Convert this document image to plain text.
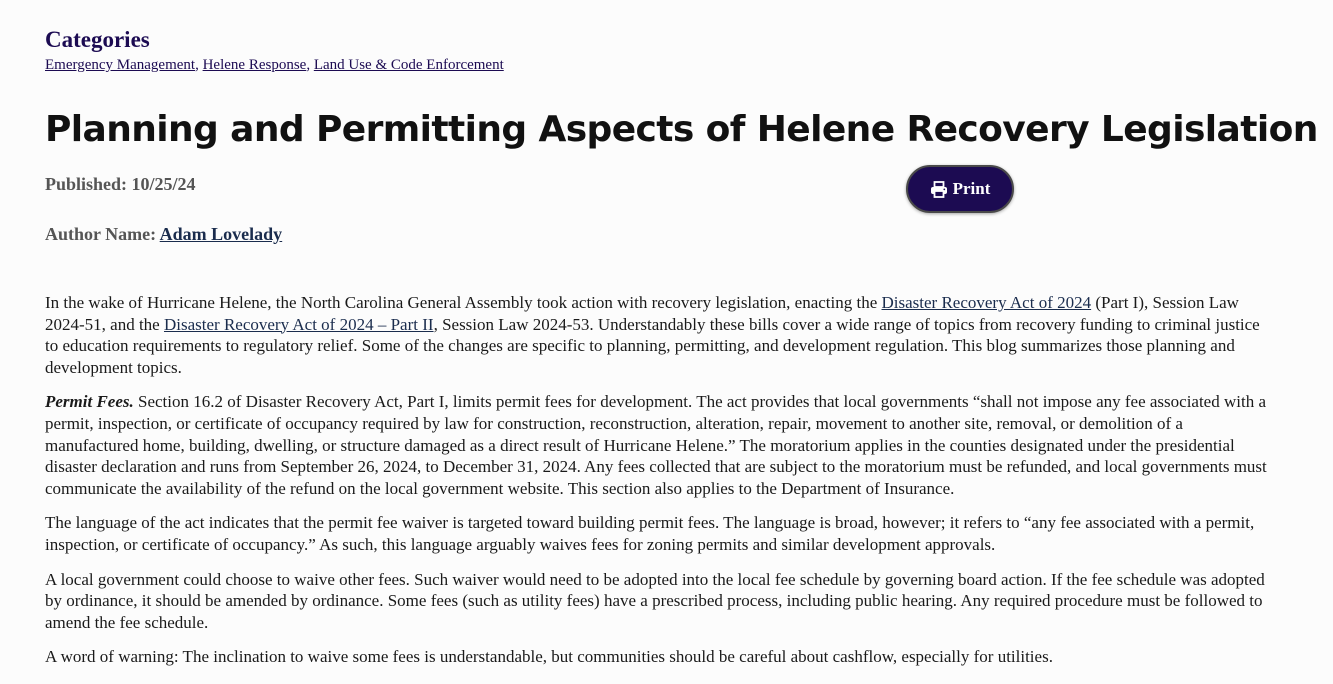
Categories
Emergency Management, Helene Response, Land Use & Code Enforcement
Planning and Permitting Aspects of Helene Recovery Legislation
Published: 10/25/24	Print
Author Name: Adam Lovelady

In the wake of Hurricane Helene, the North Carolina General Assembly took action with recovery legislation, enacting the Disaster Recovery Act of 2024 (Part I), Session Law 2024-51, and the Disaster Recovery Act of 2024 – Part II, Session Law 2024-53. Understandably these bills cover a wide range of topics from recovery funding to criminal justice to education requirements to regulatory relief. Some of the changes are specific to planning, permitting, and development regulation. This blog summarizes those planning and development topics.

Permit Fees. Section 16.2 of Disaster Recovery Act, Part I, limits permit fees for development. The act provides that local governments “shall not impose any fee associated with a permit, inspection, or certificate of occupancy required by law for construction, reconstruction, alteration, repair, movement to another site, removal, or demolition of a manufactured home, building, dwelling, or structure damaged as a direct result of Hurricane Helene.” The moratorium applies in the counties designated under the presidential disaster declaration and runs from September 26, 2024, to December 31, 2024. Any fees collected that are subject to the moratorium must be refunded, and local governments must communicate the availability of the refund on the local government website. This section also applies to the Department of Insurance.

The language of the act indicates that the permit fee waiver is targeted toward building permit fees. The language is broad, however; it refers to “any fee associated with a permit, inspection, or certificate of occupancy.” As such, this language arguably waives fees for zoning permits and similar development approvals.

A local government could choose to waive other fees. Such waiver would need to be adopted into the local fee schedule by governing board action. If the fee schedule was adopted by ordinance, it should be amended by ordinance. Some fees (such as utility fees) have a prescribed process, including public hearing. Any required procedure must be followed to amend the fee schedule.

A word of warning: The inclination to waive some fees is understandable, but communities should be careful about cashflow, especially for utilities.
